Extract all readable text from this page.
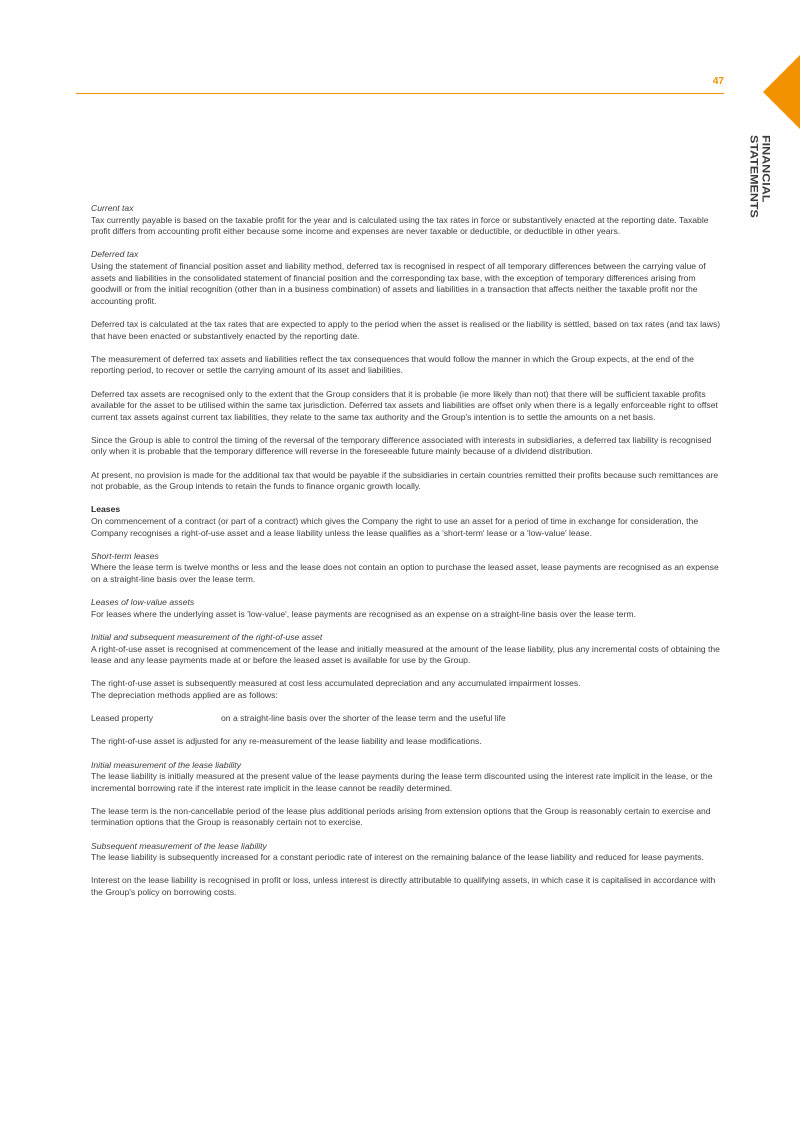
47
FINANCIAL STATEMENTS
Current tax

Tax currently payable is based on the taxable profit for the year and is calculated using the tax rates in force or substantively enacted at the reporting date. Taxable profit differs from accounting profit either because some income and expenses are never taxable or deductible, or deductible in other years.

Deferred tax

Using the statement of financial position asset and liability method, deferred tax is recognised in respect of all temporary differences between the carrying value of assets and liabilities in the consolidated statement of financial position and the corresponding tax base, with the exception of temporary differences arising from goodwill or from the initial recognition (other than in a business combination) of assets and liabilities in a transaction that affects neither the taxable profit nor the accounting profit.

Deferred tax is calculated at the tax rates that are expected to apply to the period when the asset is realised or the liability is settled, based on tax rates (and tax laws) that have been enacted or substantively enacted by the reporting date.

The measurement of deferred tax assets and liabilities reflect the tax consequences that would follow the manner in which the Group expects, at the end of the reporting period, to recover or settle the carrying amount of its asset and liabilities.

Deferred tax assets are recognised only to the extent that the Group considers that it is probable (ie more likely than not) that there will be sufficient taxable profits available for the asset to be utilised within the same tax jurisdiction. Deferred tax assets and liabilities are offset only when there is a legally enforceable right to offset current tax assets against current tax liabilities, they relate to the same tax authority and the Group's intention is to settle the amounts on a net basis.

Since the Group is able to control the timing of the reversal of the temporary difference associated with interests in subsidiaries, a deferred tax liability is recognised only when it is probable that the temporary difference will reverse in the foreseeable future mainly because of a dividend distribution.

At present, no provision is made for the additional tax that would be payable if the subsidiaries in certain countries remitted their profits because such remittances are not probable, as the Group intends to retain the funds to finance organic growth locally.

Leases

On commencement of a contract (or part of a contract) which gives the Company the right to use an asset for a period of time in exchange for consideration, the Company recognises a right-of-use asset and a lease liability unless the lease qualifies as a 'short-term' lease or a 'low-value' lease.

Short-term leases

Where the lease term is twelve months or less and the lease does not contain an option to purchase the leased asset, lease payments are recognised as an expense on a straight-line basis over the lease term.

Leases of low-value assets

For leases where the underlying asset is 'low-value', lease payments are recognised as an expense on a straight-line basis over the lease term.

Initial and subsequent measurement of the right-of-use asset

A right-of-use asset is recognised at commencement of the lease and initially measured at the amount of the lease liability, plus any incremental costs of obtaining the lease and any lease payments made at or before the leased asset is available for use by the Group.

The right-of-use asset is subsequently measured at cost less accumulated depreciation and any accumulated impairment losses.

The depreciation methods applied are as follows:

Leased property	on a straight-line basis over the shorter of the lease term and the useful life

The right-of-use asset is adjusted for any re-measurement of the lease liability and lease modifications.

Initial measurement of the lease liability

The lease liability is initially measured at the present value of the lease payments during the lease term discounted using the interest rate implicit in the lease, or the incremental borrowing rate if the interest rate implicit in the lease cannot be readily determined.

The lease term is the non-cancellable period of the lease plus additional periods arising from extension options that the Group is reasonably certain to exercise and termination options that the Group is reasonably certain not to exercise.

Subsequent measurement of the lease liability

The lease liability is subsequently increased for a constant periodic rate of interest on the remaining balance of the lease liability and reduced for lease payments.

Interest on the lease liability is recognised in profit or loss, unless interest is directly attributable to qualifying assets, in which case it is capitalised in accordance with the Group's policy on borrowing costs.
